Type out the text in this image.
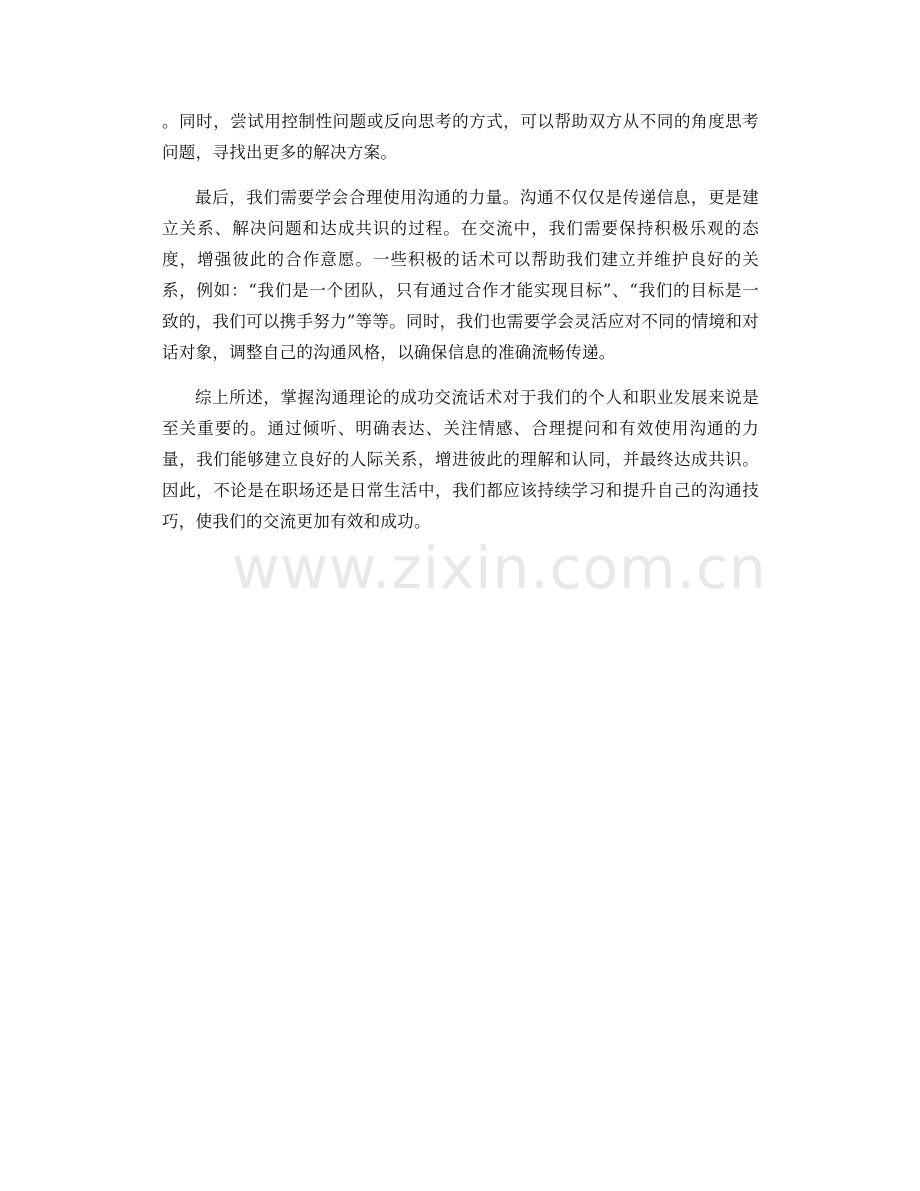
。同时，尝试用控制性问题或反向思考的方式，可以帮助双方从不同的角度思考问题，寻找出更多的解决方案。

最后，我们需要学会合理使用沟通的力量。沟通不仅仅是传递信息，更是建立关系、解决问题和达成共识的过程。在交流中，我们需要保持积极乐观的态度，增强彼此的合作意愿。一些积极的话术可以帮助我们建立并维护良好的关系，例如：“我们是一个团队，只有通过合作才能实现目标”、“我们的目标是一致的，我们可以携手努力”等等。同时，我们也需要学会灵活应对不同的情境和对话对象，调整自己的沟通风格，以确保信息的准确流畅传递。

综上所述，掌握沟通理论的成功交流话术对于我们的个人和职业发展来说是至关重要的。通过倾听、明确表达、关注情感、合理提问和有效使用沟通的力量，我们能够建立良好的人际关系，增进彼此的理解和认同，并最终达成共识。因此，不论是在职场还是日常生活中，我们都应该持续学习和提升自己的沟通技巧，使我们的交流更加有效和成功。

www.zixin.com.cn
